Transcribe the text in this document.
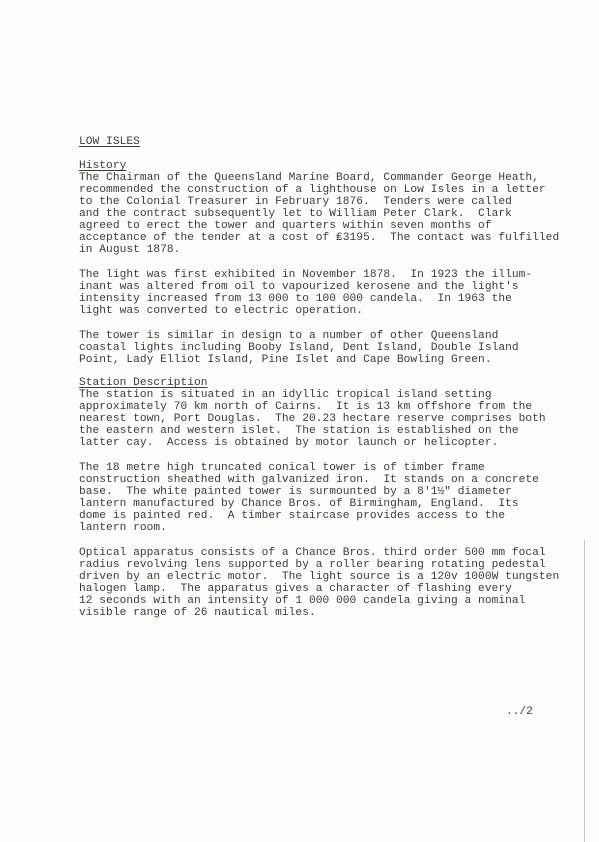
LOW ISLES
History
The Chairman of the Queensland Marine Board, Commander George Heath,
recommended the construction of a lighthouse on Low Isles in a letter
to the Colonial Treasurer in February 1876.  Tenders were called
and the contract subsequently let to William Peter Clark.  Clark
agreed to erect the tower and quarters within seven months of
acceptance of the tender at a cost of ₤3195.  The contact was fulfilled
in August 1878.
The light was first exhibited in November 1878.  In 1923 the illum-
inant was altered from oil to vapourized kerosene and the light's
intensity increased from 13 000 to 100 000 candela.  In 1963 the
light was converted to electric operation.
The tower is similar in design to a number of other Queensland
coastal lights including Booby Island, Dent Island, Double Island
Point, Lady Elliot Island, Pine Islet and Cape Bowling Green.
Station Description
The station is situated in an idyllic tropical island setting
approximately 70 km north of Cairns.  It is 13 km offshore from the
nearest town, Port Douglas.  The 20.23 hectare reserve comprises both
the eastern and western islet.  The station is established on the
latter cay.  Access is obtained by motor launch or helicopter.
The 18 metre high truncated conical tower is of timber frame
construction sheathed with galvanized iron.  It stands on a concrete
base.  The white painted tower is surmounted by a 8'1½" diameter
lantern manufactured by Chance Bros. of Birmingham, England.  Its
dome is painted red.  A timber staircase provides access to the
lantern room.
Optical apparatus consists of a Chance Bros. third order 500 mm focal
radius revolving lens supported by a roller bearing rotating pedestal
driven by an electric motor.  The light source is a 120v 1000W tungsten
halogen lamp.  The apparatus gives a character of flashing every
12 seconds with an intensity of 1 000 000 candela giving a nominal
visible range of 26 nautical miles.
../2
